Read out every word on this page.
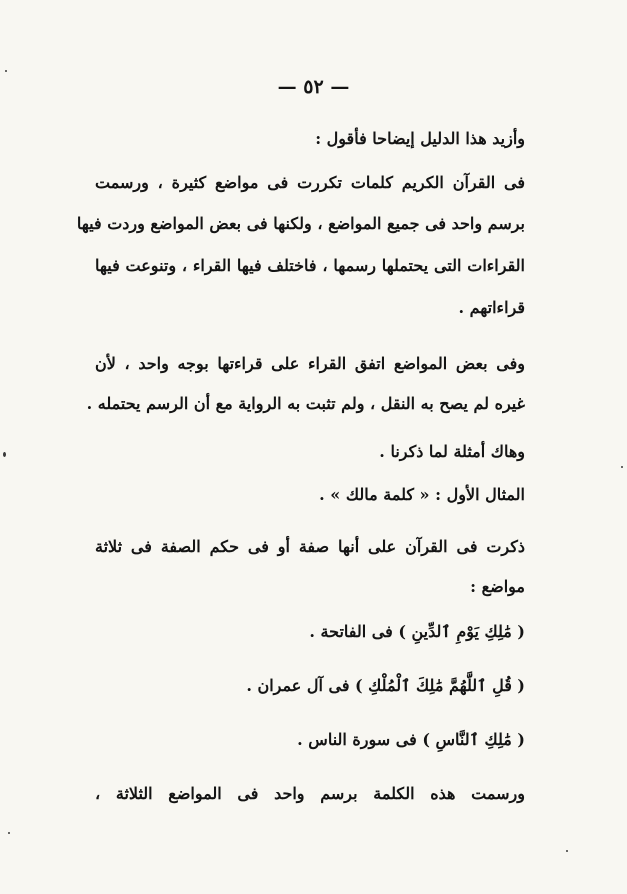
— ٥٢ —
وأزيد هذا الدليل إيضاحا فأقول :
فى القرآن الكريم كلمات تكررت فى مواضع كثيرة ، ورسمت
برسم واحد فى جميع المواضع ، ولكنها فى بعض المواضع وردت فيها
القراءات التى يحتملها رسمها ، فاختلف فيها القراء ، وتنوعت فيها
قراءاتهم .
وفى بعض المواضع اتفق القراء على قراءتها بوجه واحد ، لأن
غيره لم يصح به النقل ، ولم تثبت به الرواية مع أن الرسم يحتمله .
وهاك أمثلة لما ذكرنا .
المثال الأول : « كلمة مالك » .
ذكرت فى القرآن على أنها صفة أو فى حكم الصفة فى ثلاثة
مواضع :
( مَٰلِكِ يَوْمِ ٱلدِّينِ ) فى الفاتحة .
( قُلِ ٱللَّهُمَّ مَٰلِكَ ٱلْمُلْكِ ) فى آل عمران .
( مَٰلِكِ ٱلنَّاسِ ) فى سورة الناس .
ورسمت هذه الكلمة برسم واحد فى المواضع الثلاثة ،
